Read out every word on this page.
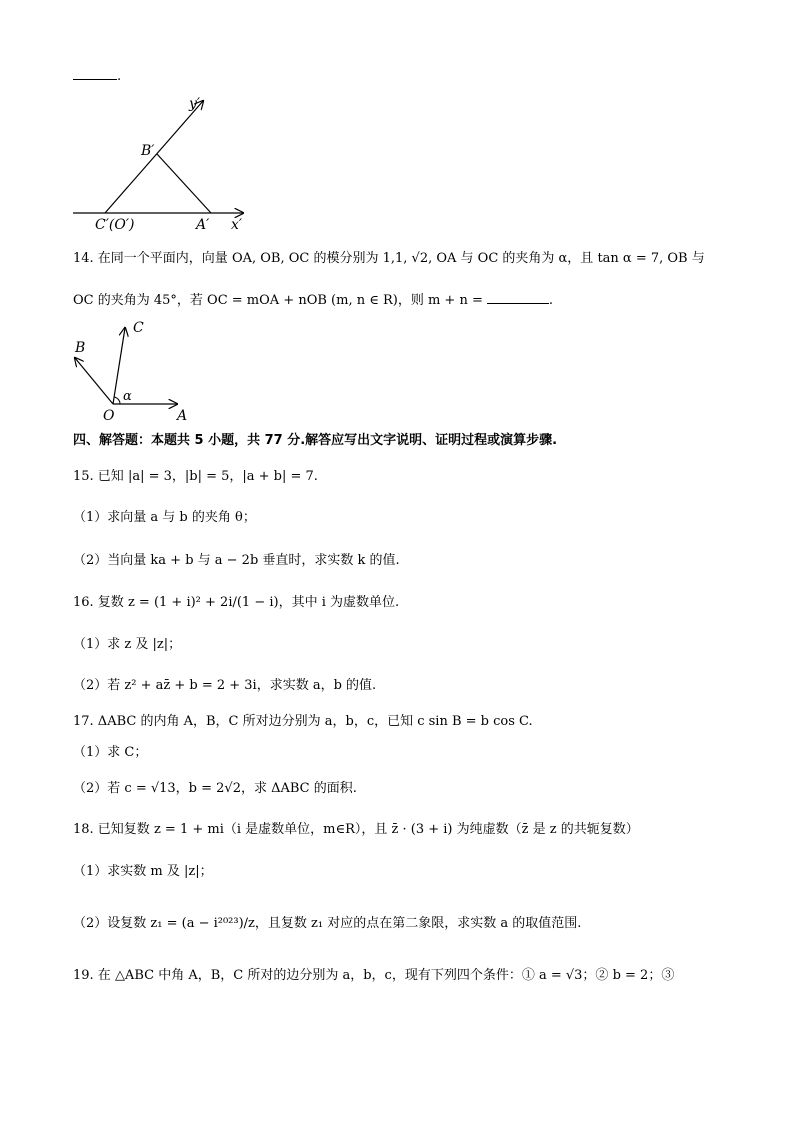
.
y′
B′
C′(O′)	A′ x′
14. 在同一个平面内，向量 OA, OB, OC 的模分别为 1,1, √2, OA 与 OC 的夹角为 α，且 tan α = 7, OB 与
OC 的夹角为 45°，若 OC = mOA + nOB (m, n ∈ R)，则 m + n =	.
B
C
O	A
α
四、解答题：本题共 5 小题，共 77 分.解答应写出文字说明、证明过程或演算步骤.
15. 已知 |a| = 3，|b| = 5，|a + b| = 7.
（1）求向量 a 与 b 的夹角 θ；
（2）当向量 ka + b 与 a − 2b 垂直时，求实数 k 的值.
16. 复数 z = (1 + i)² + 2i/(1 − i)，其中 i 为虚数单位.
（1）求 z 及 |z|；
（2）若 z² + az̄ + b = 2 + 3i，求实数 a，b 的值.
17. ΔABC 的内角 A，B，C 所对边分别为 a，b，c，已知 c sin B = b cos C.
（1）求 C；
（2）若 c = √13，b = 2√2，求 ΔABC 的面积.
18. 已知复数 z = 1 + mi（i 是虚数单位，m∈R），且 z̄ · (3 + i) 为纯虚数（z̄ 是 z 的共轭复数）
（1）求实数 m 及 |z|；
（2）设复数 z₁ = (a − i²⁰²³)/z，且复数 z₁ 对应的点在第二象限，求实数 a 的取值范围.
19. 在 △ABC 中角 A，B，C 所对的边分别为 a，b，c，现有下列四个条件：① a = √3；② b = 2；③
